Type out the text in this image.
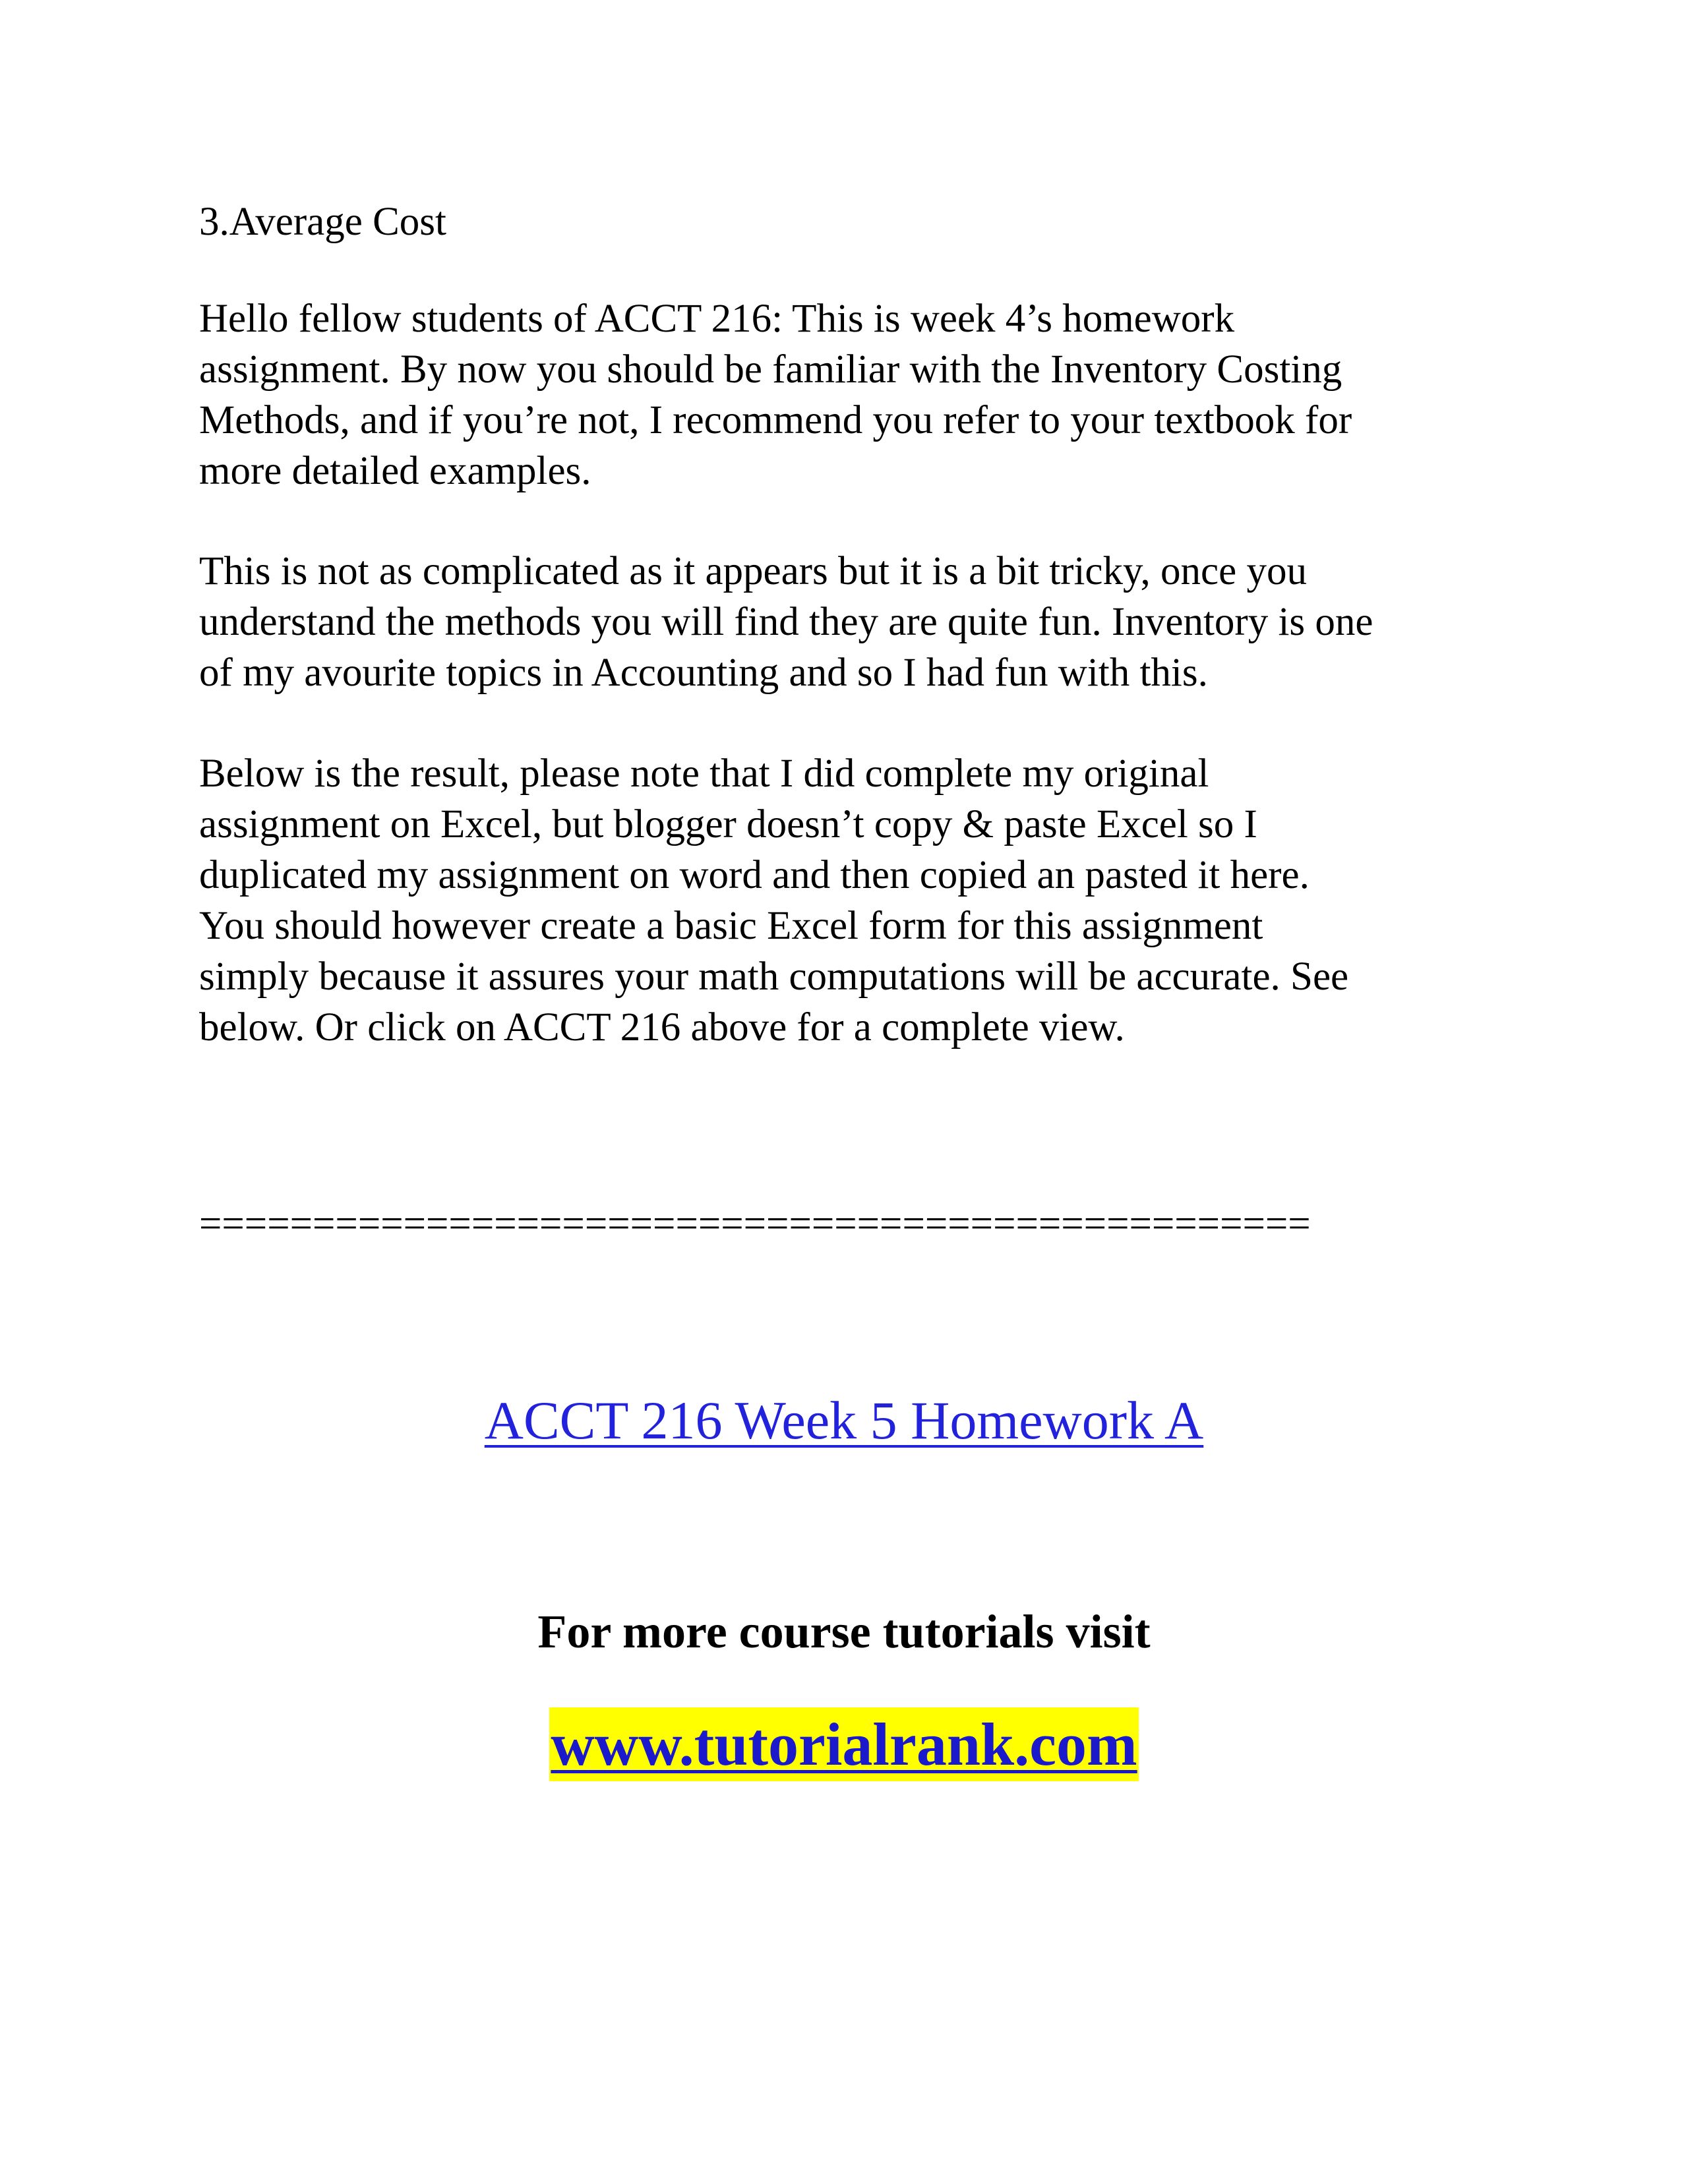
3.Average Cost

Hello fellow students of ACCT 216: This is week 4’s homework
assignment. By now you should be familiar with the Inventory Costing
Methods, and if you’re not, I recommend you refer to your textbook for
more detailed examples.

This is not as complicated as it appears but it is a bit tricky, once you
understand the methods you will find they are quite fun. Inventory is one
of my avourite topics in Accounting and so I had fun with this.

Below is the result, please note that I did complete my original
assignment on Excel, but blogger doesn’t copy & paste Excel so I
duplicated my assignment on word and then copied an pasted it here.
You should however create a basic Excel form for this assignment
simply because it assures your math computations will be accurate. See
below. Or click on ACCT 216 above for a complete view.

=================================================

ACCT 216 Week 5 Homework A

For more course tutorials visit

www.tutorialrank.com
